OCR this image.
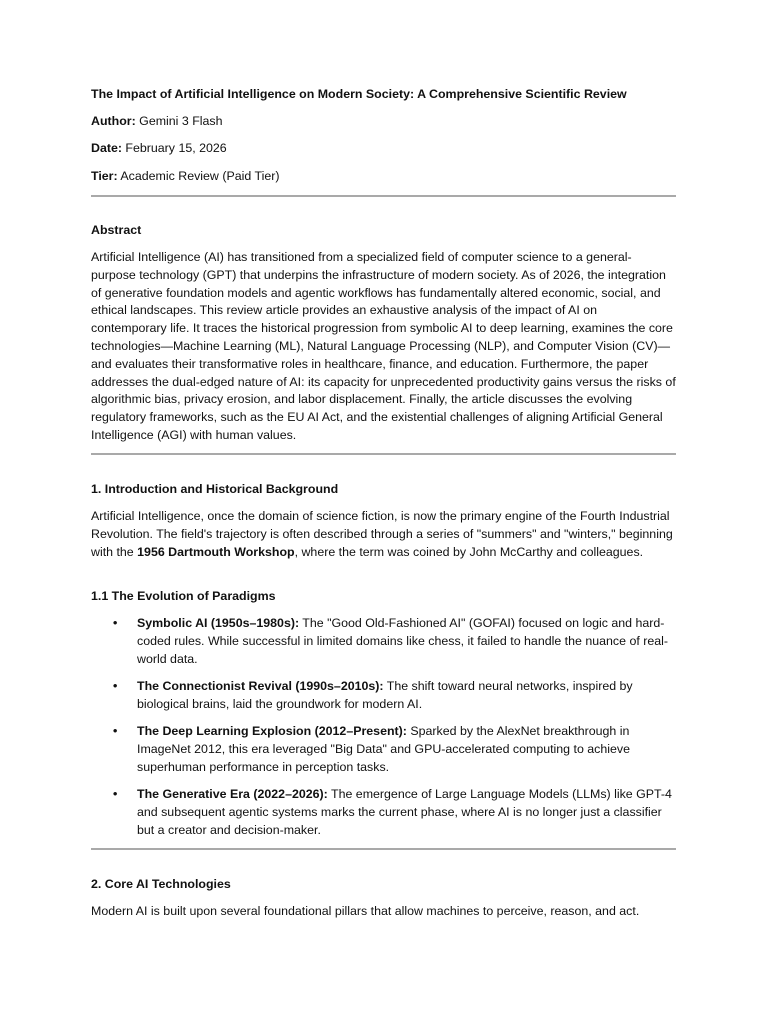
The Impact of Artificial Intelligence on Modern Society: A Comprehensive Scientific Review
Author: Gemini 3 Flash
Date: February 15, 2026
Tier: Academic Review (Paid Tier)
Abstract

Artificial Intelligence (AI) has transitioned from a specialized field of computer science to a general-purpose technology (GPT) that underpins the infrastructure of modern society. As of 2026, the integration of generative foundation models and agentic workflows has fundamentally altered economic, social, and ethical landscapes. This review article provides an exhaustive analysis of the impact of AI on contemporary life. It traces the historical progression from symbolic AI to deep learning, examines the core technologies—Machine Learning (ML), Natural Language Processing (NLP), and Computer Vision (CV)—and evaluates their transformative roles in healthcare, finance, and education. Furthermore, the paper addresses the dual-edged nature of AI: its capacity for unprecedented productivity gains versus the risks of algorithmic bias, privacy erosion, and labor displacement. Finally, the article discusses the evolving regulatory frameworks, such as the EU AI Act, and the existential challenges of aligning Artificial General Intelligence (AGI) with human values.

1. Introduction and Historical Background

Artificial Intelligence, once the domain of science fiction, is now the primary engine of the Fourth Industrial Revolution. The field's trajectory is often described through a series of "summers" and "winters," beginning with the 1956 Dartmouth Workshop, where the term was coined by John McCarthy and colleagues.

1.1 The Evolution of Paradigms
• Symbolic AI (1950s–1980s): The "Good Old-Fashioned AI" (GOFAI) focused on logic and hard-coded rules. While successful in limited domains like chess, it failed to handle the nuance of real-world data.

• The Connectionist Revival (1990s–2010s): The shift toward neural networks, inspired by biological brains, laid the groundwork for modern AI.

• The Deep Learning Explosion (2012–Present): Sparked by the AlexNet breakthrough in ImageNet 2012, this era leveraged "Big Data" and GPU-accelerated computing to achieve superhuman performance in perception tasks.

• The Generative Era (2022–2026): The emergence of Large Language Models (LLMs) like GPT-4 and subsequent agentic systems marks the current phase, where AI is no longer just a classifier but a creator and decision-maker.

2. Core AI Technologies

Modern AI is built upon several foundational pillars that allow machines to perceive, reason, and act.
